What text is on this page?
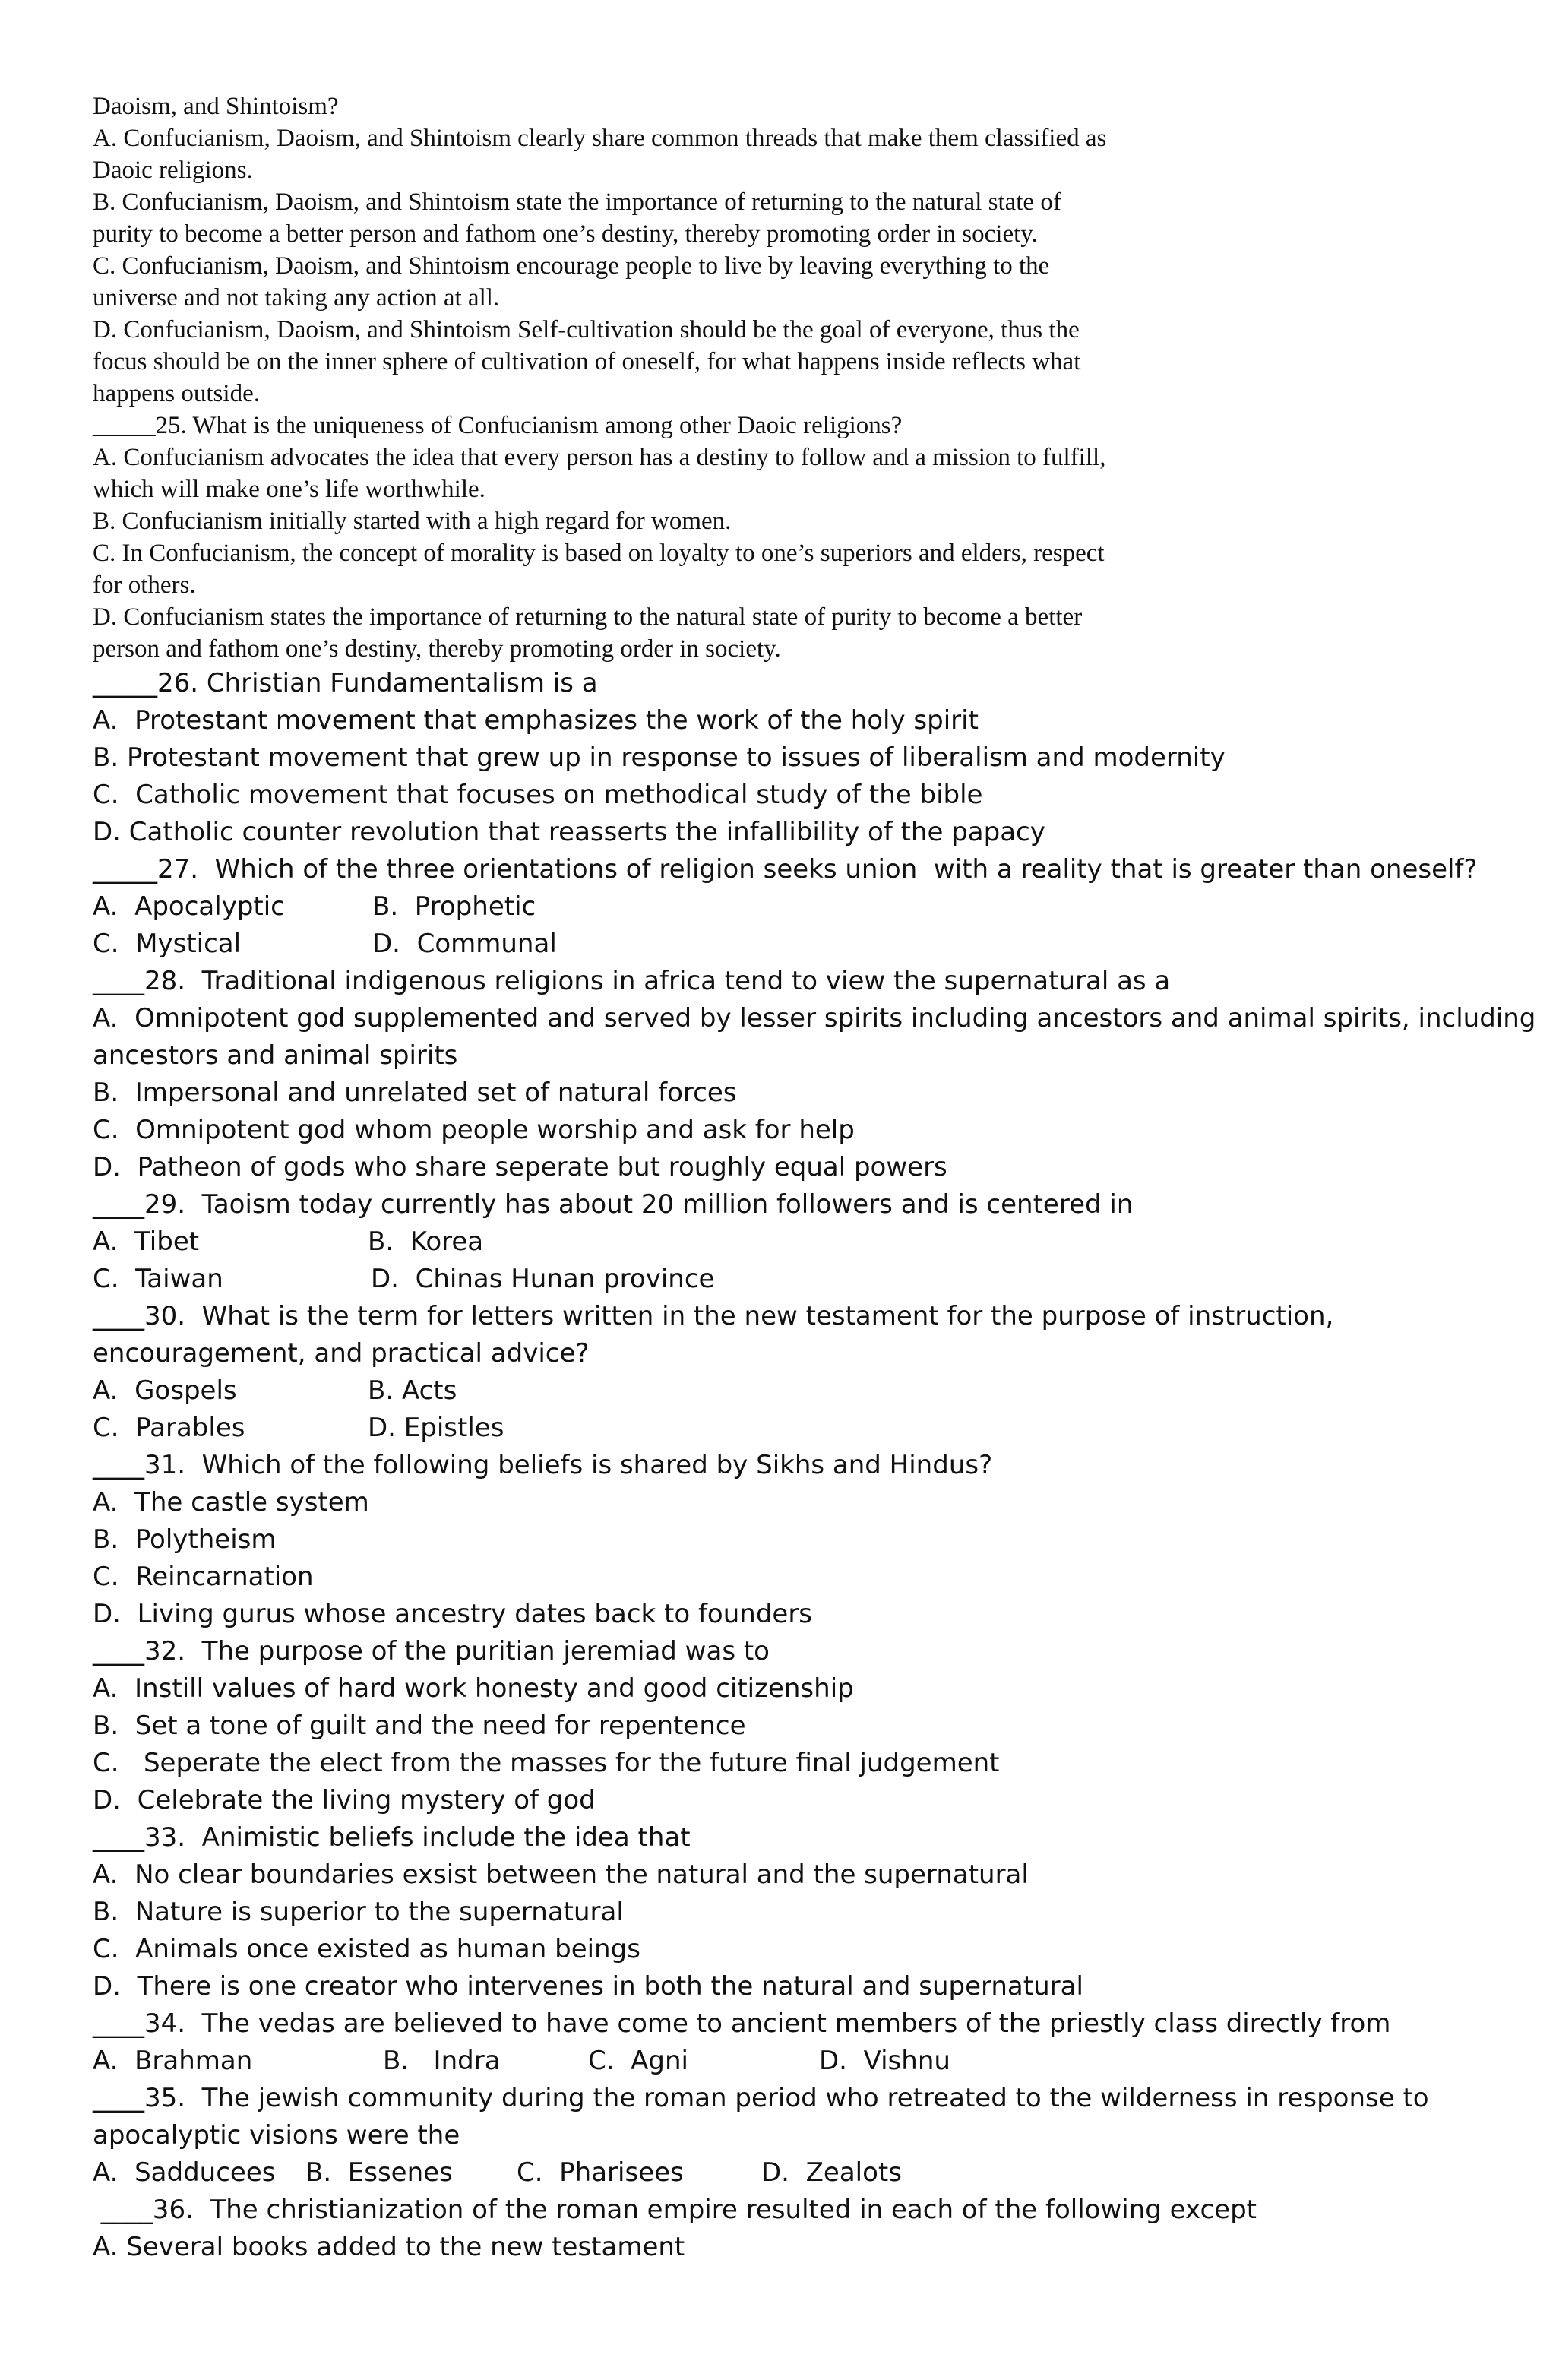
Daoism, and Shintoism?

A. Confucianism, Daoism, and Shintoism clearly share common threads that make them classified as

Daoic religions.

B. Confucianism, Daoism, and Shintoism state the importance of returning to the natural state of

purity to become a better person and fathom one’s destiny, thereby promoting order in society.

C. Confucianism, Daoism, and Shintoism encourage people to live by leaving everything to the

universe and not taking any action at all.

D. Confucianism, Daoism, and Shintoism Self-cultivation should be the goal of everyone, thus the

focus should be on the inner sphere of cultivation of oneself, for what happens inside reflects what

happens outside.

_____25. What is the uniqueness of Confucianism among other Daoic religions?

A. Confucianism advocates the idea that every person has a destiny to follow and a mission to fulfill,

which will make one’s life worthwhile.

B. Confucianism initially started with a high regard for women.

C. In Confucianism, the concept of morality is based on loyalty to one’s superiors and elders, respect

for others.

D. Confucianism states the importance of returning to the natural state of purity to become a better

person and fathom one’s destiny, thereby promoting order in society.

_____26. Christian Fundamentalism is a

A.  Protestant movement that emphasizes the work of the holy spirit

B. Protestant movement that grew up in response to issues of liberalism and modernity

C.  Catholic movement that focuses on methodical study of the bible

D. Catholic counter revolution that reasserts the infallibility of the papacy

_____27.  Which of the three orientations of religion seeks union  with a reality that is greater than oneself?

A.  Apocalyptic

	B.  Prophetic

C.  Mystical

	D.  Communal

____28.  Traditional indigenous religions in africa tend to view the supernatural as a

A.  Omnipotent god supplemented and served by lesser spirits including ancestors and animal spirits, including

ancestors and animal spirits

B.  Impersonal and unrelated set of natural forces

C.  Omnipotent god whom people worship and ask for help

D.  Patheon of gods who share seperate but roughly equal powers

____29.  Taoism today currently has about 20 million followers and is centered in

A.  Tibet

	B.  Korea

C.  Taiwan

	D.  Chinas Hunan province

____30.  What is the term for letters written in the new testament for the purpose of instruction,

encouragement, and practical advice?

A.  Gospels

	B. Acts

C.  Parables

	D. Epistles

____31.  Which of the following beliefs is shared by Sikhs and Hindus?

A.  The castle system

B.  Polytheism

C.  Reincarnation

D.  Living gurus whose ancestry dates back to founders

____32.  The purpose of the puritian jeremiad was to

A.  Instill values of hard work honesty and good citizenship

B.  Set a tone of guilt and the need for repentence

C.   Seperate the elect from the masses for the future final judgement

D.  Celebrate the living mystery of god

____33.  Animistic beliefs include the idea that

A.  No clear boundaries exsist between the natural and the supernatural

B.  Nature is superior to the supernatural

C.  Animals once existed as human beings

D.  There is one creator who intervenes in both the natural and supernatural

____34.  The vedas are believed to have come to ancient members of the priestly class directly from

A.  Brahman

	B.   Indra

	C.  Agni

	D.  Vishnu

____35.  The jewish community during the roman period who retreated to the wilderness in response to

apocalyptic visions were the

A.  Sadducees

B.  Essenes

C.  Pharisees

	D.  Zealots

____36.  The christianization of the roman empire resulted in each of the following except

A. Several books added to the new testament
